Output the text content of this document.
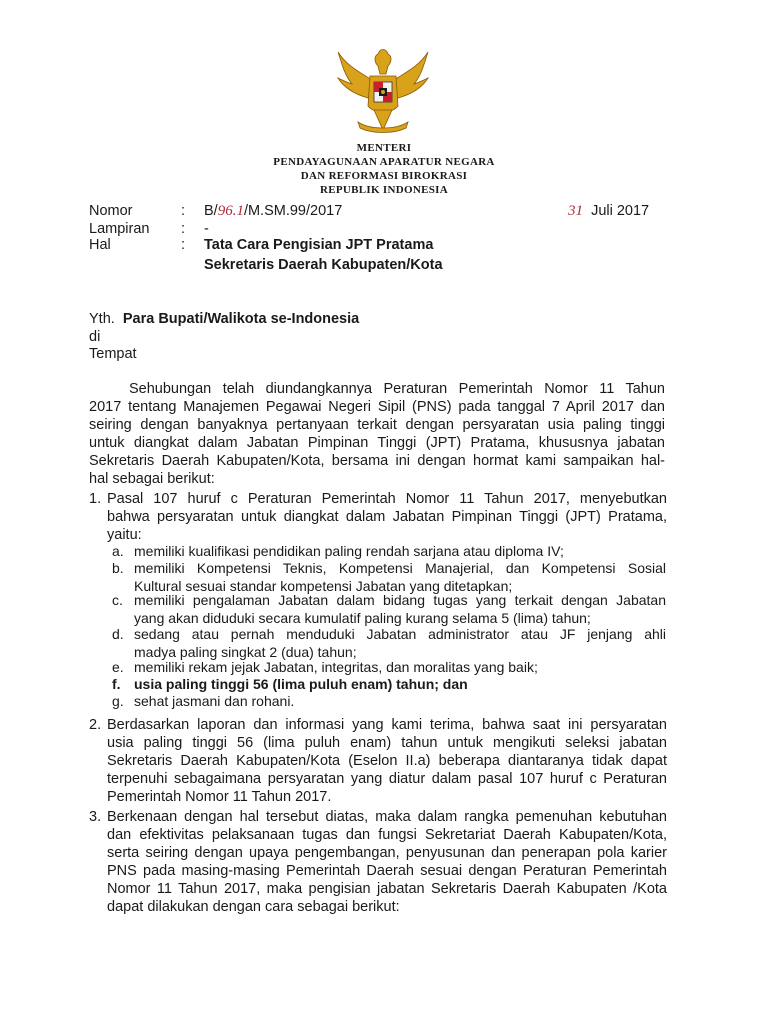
MENTERI
PENDAYAGUNAAN APARATUR NEGARA
DAN REFORMASI BIROKRASI
REPUBLIK INDONESIA
Nomor	: B/96.1/M.SM.99/2017	31 Juli 2017
Lampiran : -
Hal	: Tata Cara Pengisian JPT Pratama
Sekretaris Daerah Kabupaten/Kota
Yth. Para Bupati/Walikota se-Indonesia
di
Tempat
Sehubungan telah diundangkannya Peraturan Pemerintah Nomor 11 Tahun
2017 tentang Manajemen Pegawai Negeri Sipil (PNS) pada tanggal 7 April 2017 dan
seiring dengan banyaknya pertanyaan terkait dengan persyaratan usia paling tinggi
untuk diangkat dalam Jabatan Pimpinan Tinggi (JPT) Pratama, khususnya jabatan
Sekretaris Daerah Kabupaten/Kota, bersama ini dengan hormat kami sampaikan hal-
hal sebagai berikut:
1. Pasal 107 huruf c Peraturan Pemerintah Nomor 11 Tahun 2017, menyebutkan
bahwa persyaratan untuk diangkat dalam Jabatan Pimpinan Tinggi (JPT) Pratama,
yaitu:
a. memiliki kualifikasi pendidikan paling rendah sarjana atau diploma IV;
b. memiliki Kompetensi Teknis, Kompetensi Manajerial, dan Kompetensi Sosial
Kultural sesuai standar kompetensi Jabatan yang ditetapkan;
c. memiliki pengalaman Jabatan dalam bidang tugas yang terkait dengan Jabatan
yang akan diduduki secara kumulatif paling kurang selama 5 (lima) tahun;
d. sedang atau pernah menduduki Jabatan administrator atau JF jenjang ahli
madya paling singkat 2 (dua) tahun;
e. memiliki rekam jejak Jabatan, integritas, dan moralitas yang baik;
f. usia paling tinggi 56 (lima puluh enam) tahun; dan
g. sehat jasmani dan rohani.
2. Berdasarkan laporan dan informasi yang kami terima, bahwa saat ini persyaratan
usia paling tinggi 56 (lima puluh enam) tahun untuk mengikuti seleksi jabatan
Sekretaris Daerah Kabupaten/Kota (Eselon II.a) beberapa diantaranya tidak dapat
terpenuhi sebagaimana persyaratan yang diatur dalam pasal 107 huruf c Peraturan
Pemerintah Nomor 11 Tahun 2017.
3. Berkenaan dengan hal tersebut diatas, maka dalam rangka pemenuhan kebutuhan
dan efektivitas pelaksanaan tugas dan fungsi Sekretariat Daerah Kabupaten/Kota,
serta seiring dengan upaya pengembangan, penyusunan dan penerapan pola karier
PNS pada masing-masing Pemerintah Daerah sesuai dengan Peraturan Pemerintah
Nomor 11 Tahun 2017, maka pengisian jabatan Sekretaris Daerah Kabupaten /Kota
dapat dilakukan dengan cara sebagai berikut:
